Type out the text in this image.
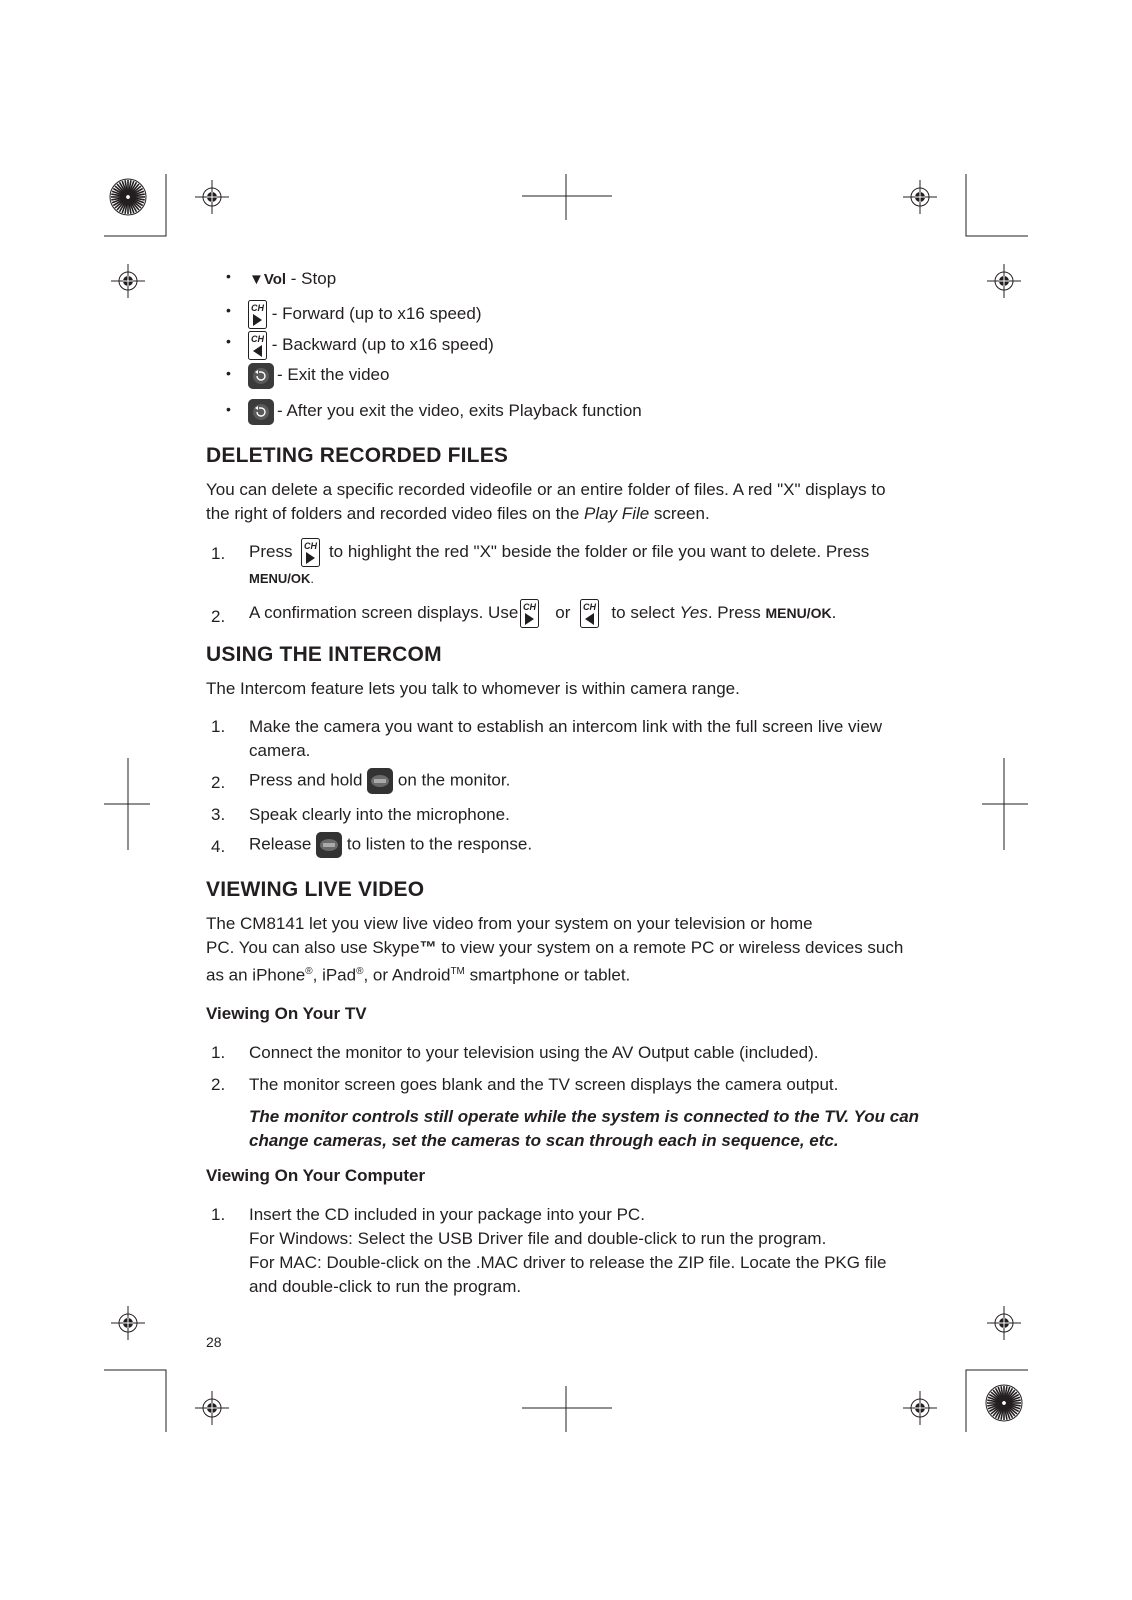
• ▼Vol - Stop
• CH - Forward (up to x16 speed)
• CH - Backward (up to x16 speed)
•	- Exit the video
•	- After you exit the video, exits Playback function
DELETING RECORDED FILES
You can delete a specific recorded videofile or an entire folder of files. A red "X" displays to
the right of folders and recorded video files on the Play File screen.
1. Press CH to highlight the red "X" beside the folder or file you want to delete. Press
MENU/OK.
2. A confirmation screen displays. Use CH or CH to select Yes. Press MENU/OK.
USING THE INTERCOM
The Intercom feature lets you talk to whomever is within camera range.
1. Make the camera you want to establish an intercom link with the full screen live view
camera.
2. Press and hold on the monitor.
3. Speak clearly into the microphone.
4. Release to listen to the response.
VIEWING LIVE VIDEO
The CM8141 let you view live video from your system on your television or home
PC. You can also use Skype™ to view your system on a remote PC or wireless devices such
as an iPhone®, iPad®, or Android™ smartphone or tablet.
Viewing On Your TV
1. Connect the monitor to your television using the AV Output cable (included).
2. The monitor screen goes blank and the TV screen displays the camera output.
The monitor controls still operate while the system is connected to the TV. You can
change cameras, set the cameras to scan through each in sequence, etc.
Viewing On Your Computer
1. Insert the CD included in your package into your PC.
For Windows: Select the USB Driver file and double-click to run the program.
For MAC: Double-click on the .MAC driver to release the ZIP file. Locate the PKG file
and double-click to run the program.
28
